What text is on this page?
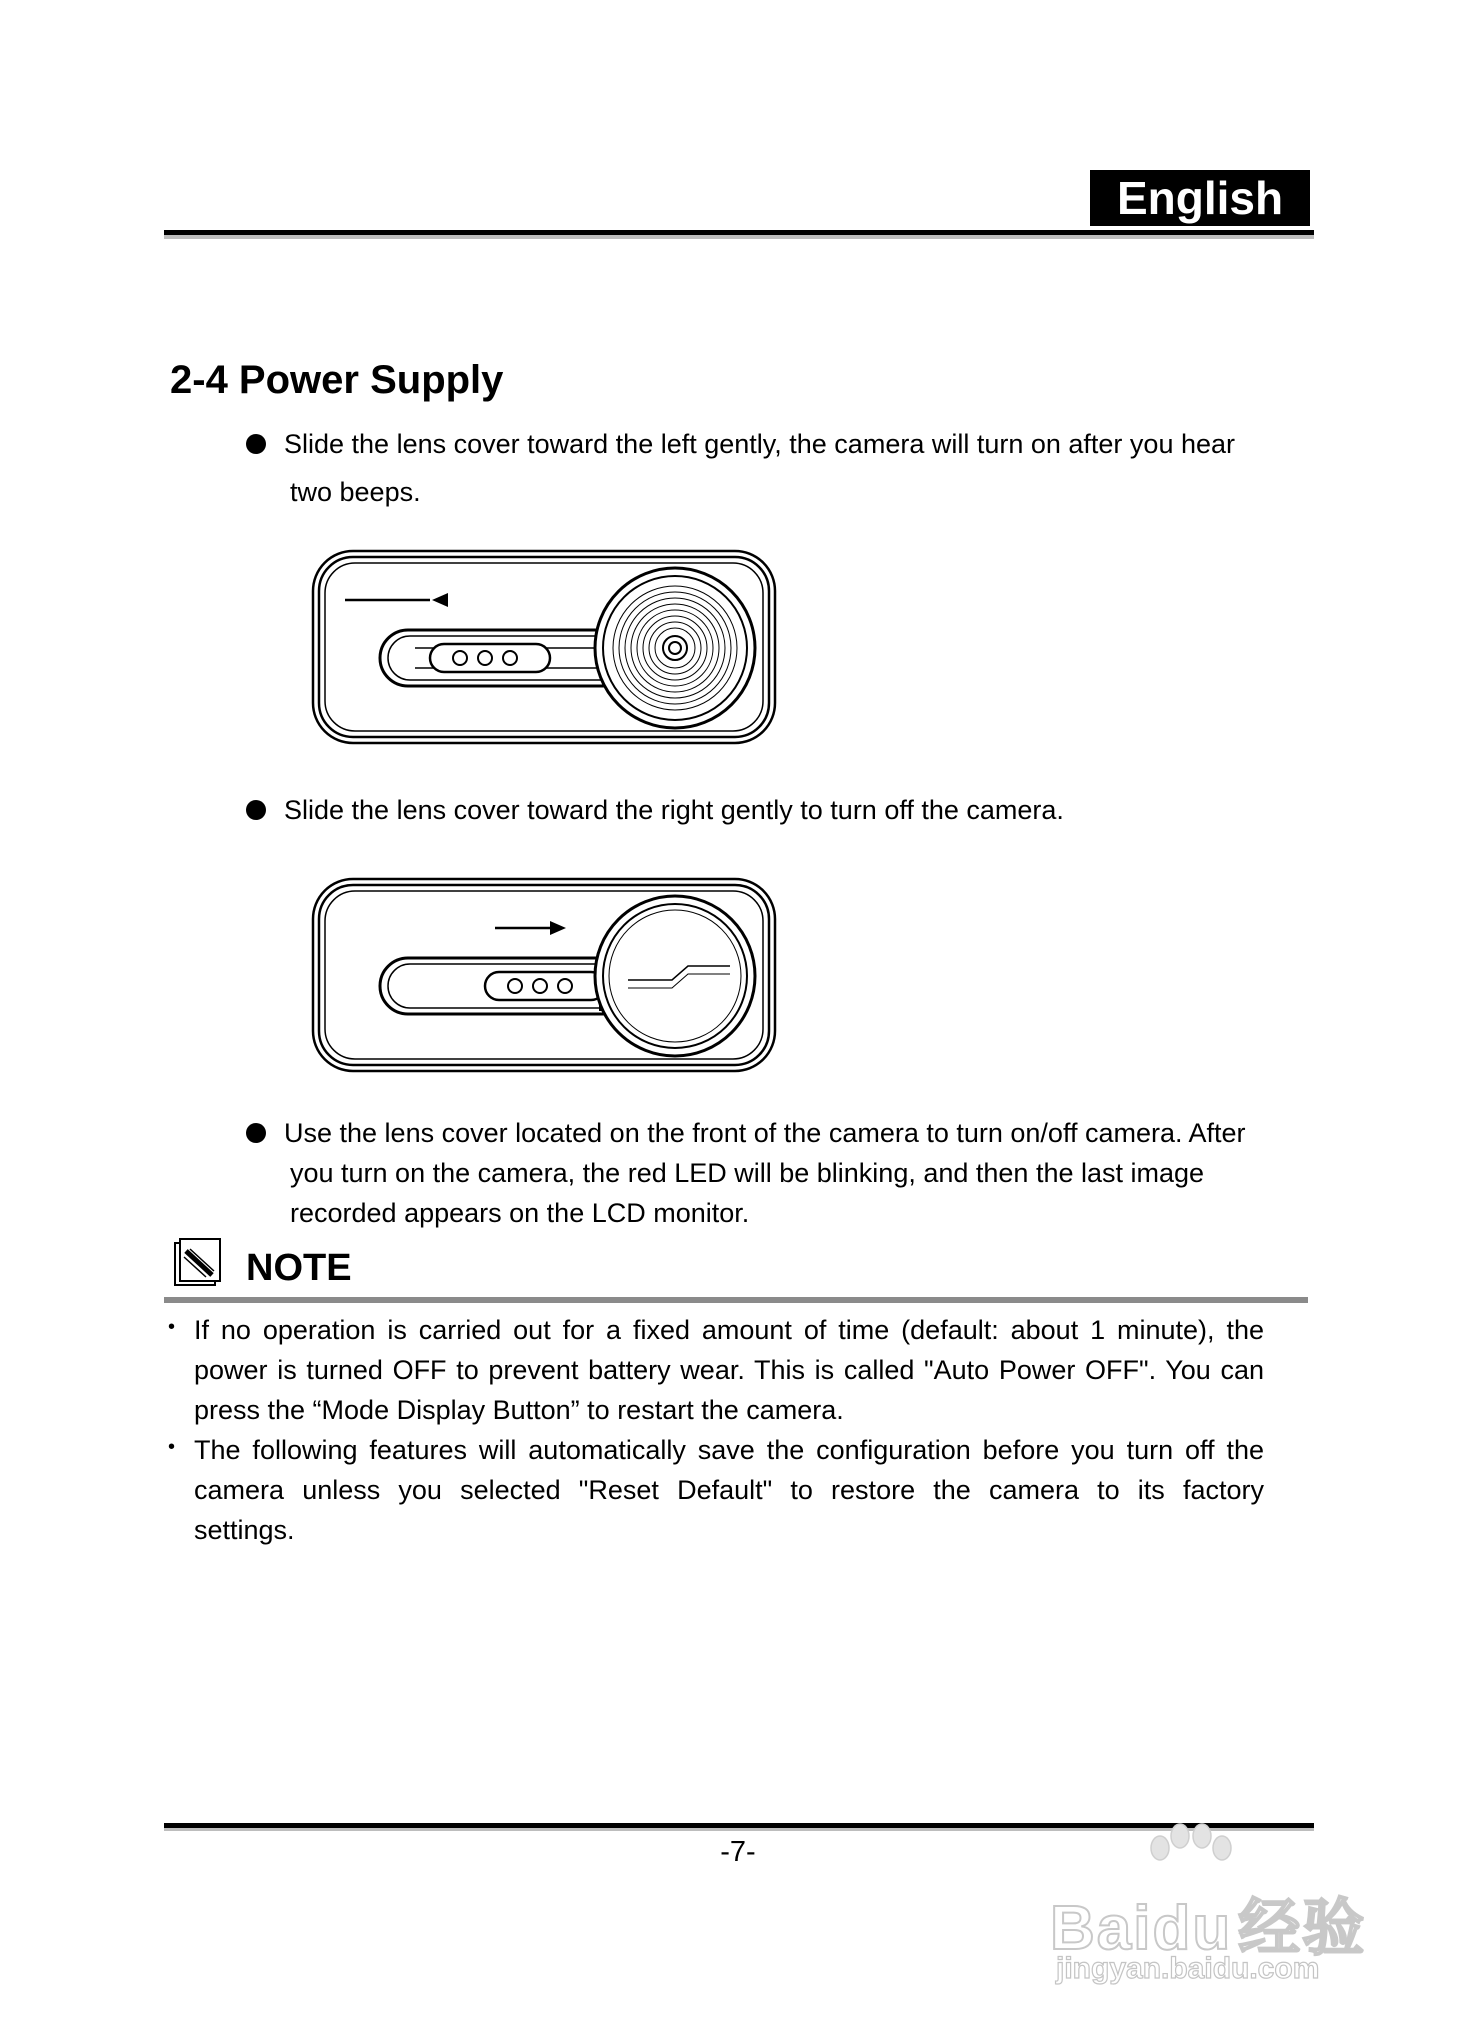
English
2-4 Power Supply
Slide the lens cover toward the left gently, the camera will turn on after you hear
two beeps.
Slide the lens cover toward the right gently to turn off the camera.
Use the lens cover located on the front of the camera to turn on/off camera. After
you turn on the camera, the red LED will be blinking, and then the last image
recorded appears on the LCD monitor.
NOTE
• If no operation is carried out for a fixed amount of time (default: about 1 minute), the
power is turned OFF to prevent battery wear. This is called "Auto Power OFF". You can
press the “Mode Display Button” to restart the camera.
• The following features will automatically save the configuration before you turn off the
camera unless you selected "Reset Default" to restore the camera to its factory
settings.
-7-
Baidu经验
jingyan.baidu.com
